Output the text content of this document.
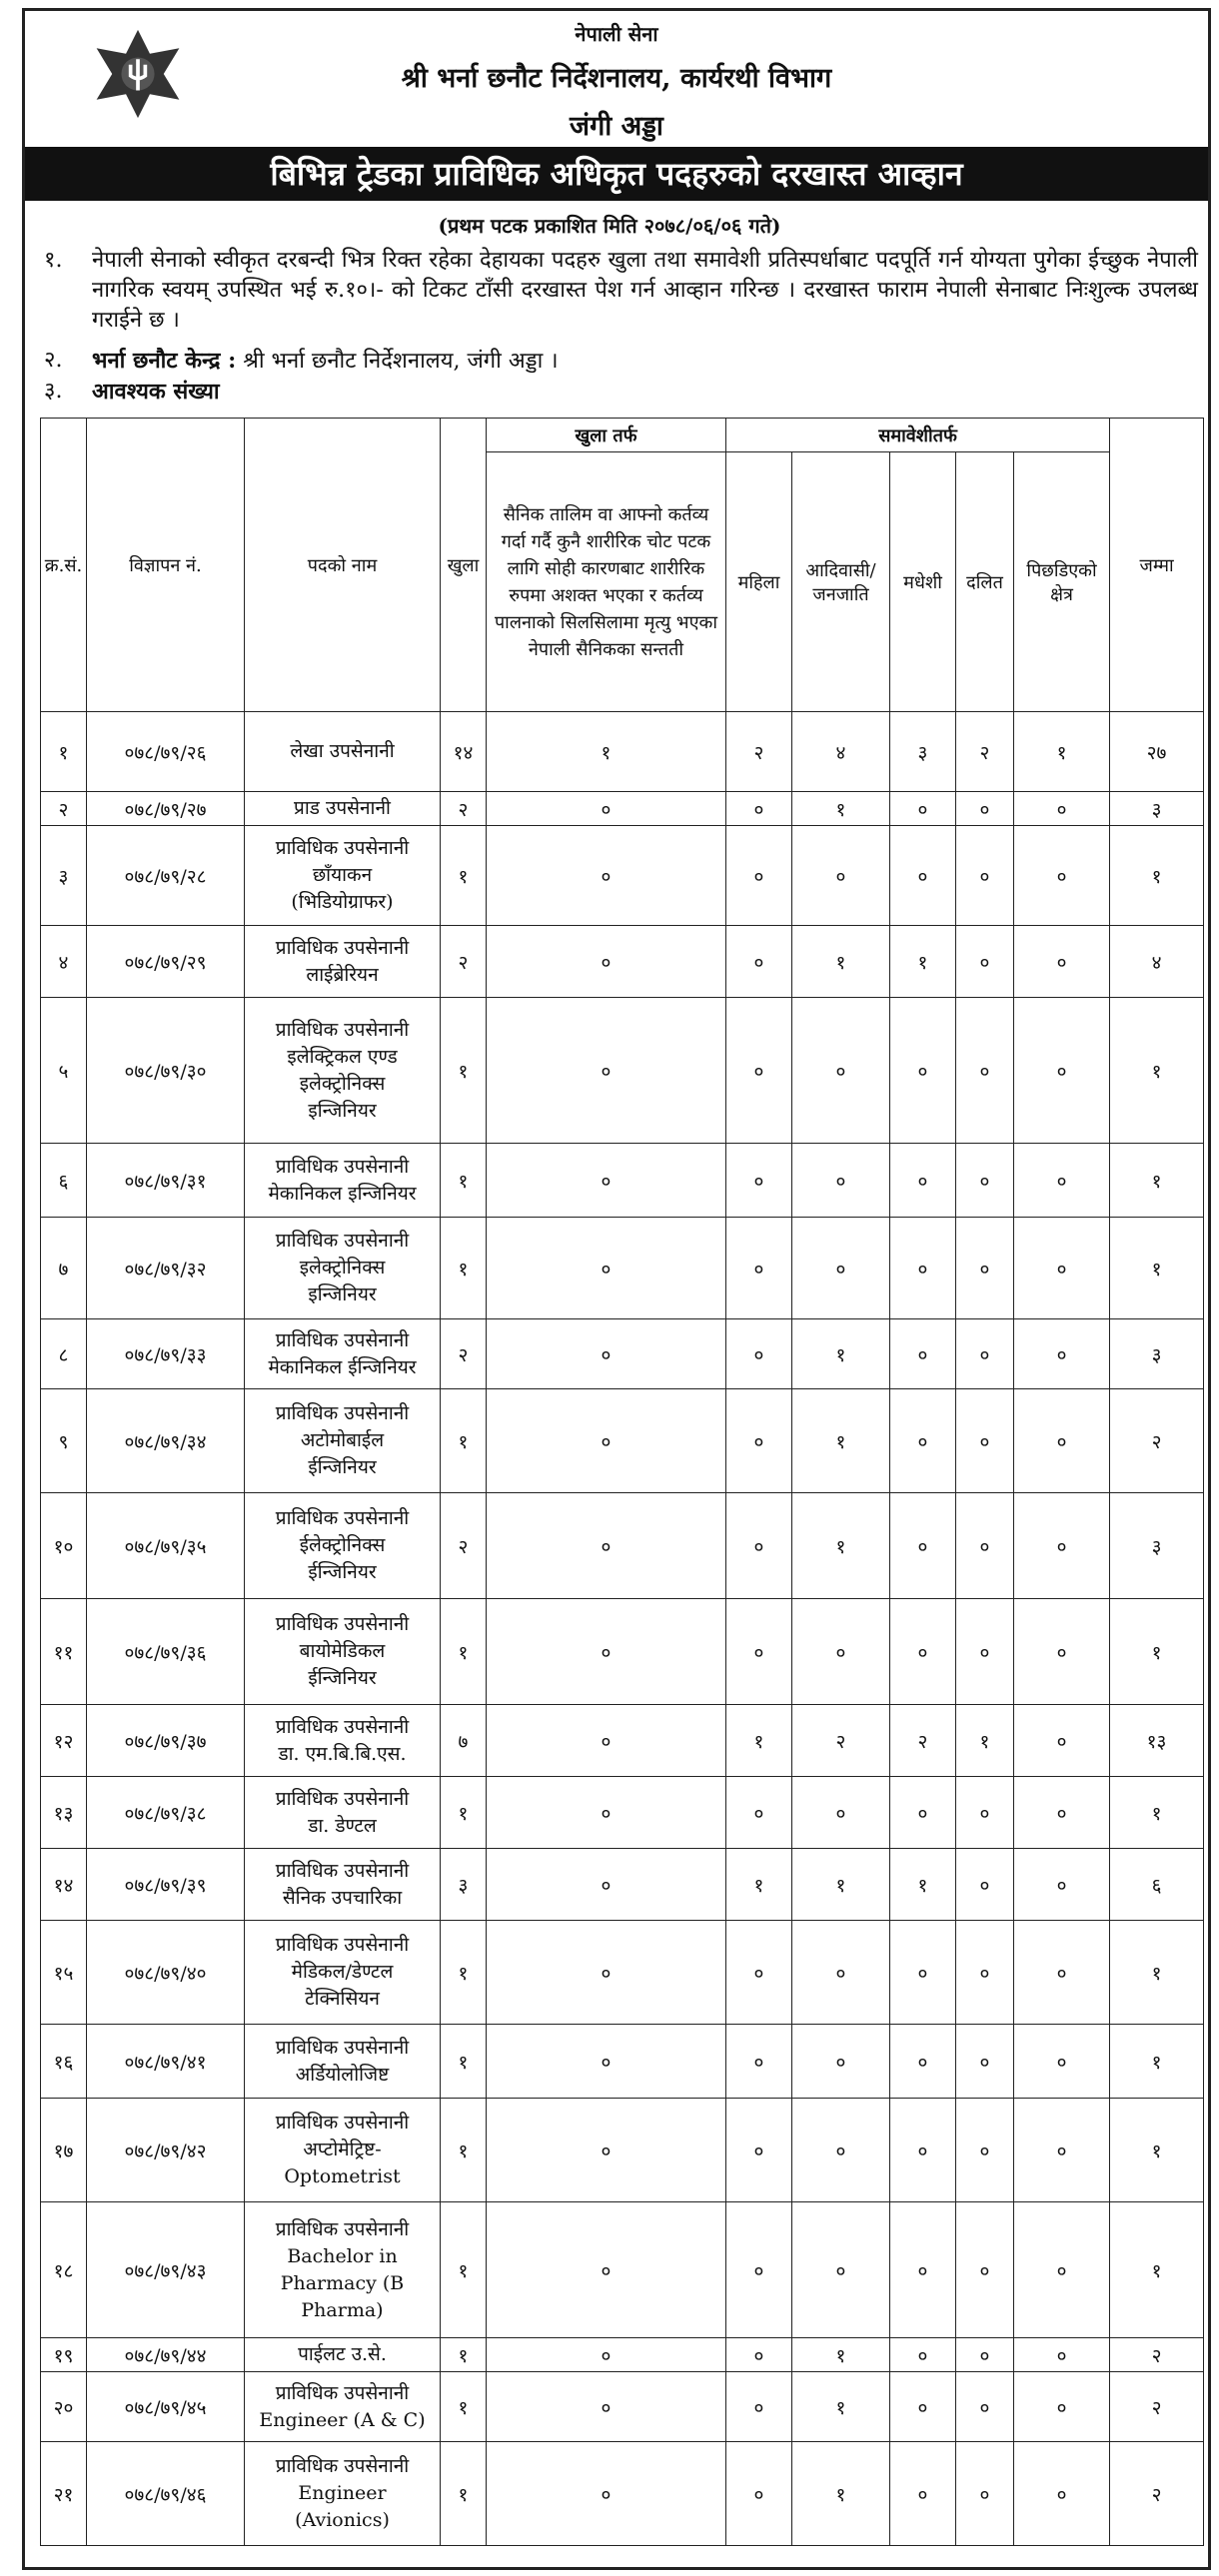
नेपाली सेना
श्री भर्ना छनौट निर्देशनालय, कार्यरथी विभाग
जंगी अड्डा
बिभिन्न ट्रेडका प्राविधिक अधिकृत पदहरुको दरखास्त आव्हान
(प्रथम पटक प्रकाशित मिति २०७८/०६/०६ गते)
१. नेपाली सेनाको स्वीकृत दरबन्दी भित्र रिक्त रहेका देहायका पदहरु खुला तथा समावेशी प्रतिस्पर्धाबाट पदपूर्ति गर्न योग्यता पुगेका ईच्छुक नेपाली नागरिक स्वयम् उपस्थित भई रु.१०।- को टिकट टाँसी दरखास्त पेश गर्न आव्हान गरिन्छ । दरखास्त फाराम नेपाली सेनाबाट निःशुल्क उपलब्ध गराईने छ ।
२. भर्ना छनौट केन्द्र : श्री भर्ना छनौट निर्देशनालय, जंगी अड्डा ।
३. आवश्यक संख्या
क्र.सं.	विज्ञापन नं.	पदको नाम	खुला	खुला तर्फ	समावेशीतर्फ					जम्मा
				सैनिक तालिम वा आफ्नो कर्तव्य गर्दा गर्दै कुनै शारीरिक चोट पटक लागि सोही कारणबाट शारीरिक रुपमा अशक्त भएका र कर्तव्य पालनाको सिलसिलामा मृत्यु भएका नेपाली सैनिकका सन्तती	महिला	आदिवासी/ जनजाति	मधेशी	दलित	पिछडिएको क्षेत्र	
१	०७८/७९/२६	लेखा उपसेनानी	१४	१	२	४	३	२	१	२७
२	०७८/७९/२७	प्राड उपसेनानी	२	०	०	१	०	०	०	३
३	०७८/७९/२८	प्राविधिक उपसेनानी
छाँयाकन
(भिडियोग्राफर)	१	०	०	०	०	०	०	१
४	०७८/७९/२९	प्राविधिक उपसेनानी
लाईब्रेरियन	२	०	०	१	१	०	०	४
५	०७८/७९/३०	प्राविधिक उपसेनानी
इलेक्ट्रिकल एण्ड
इलेक्ट्रोनिक्स
इन्जिनियर	१	०	०	०	०	०	०	१
६	०७८/७९/३१	प्राविधिक उपसेनानी
मेकानिकल इन्जिनियर	१	०	०	०	०	०	०	१
७	०७८/७९/३२	प्राविधिक उपसेनानी
इलेक्ट्रोनिक्स
इन्जिनियर	१	०	०	०	०	०	०	१
८	०७८/७९/३३	प्राविधिक उपसेनानी
मेकानिकल ईन्जिनियर	२	०	०	१	०	०	०	३
९	०७८/७९/३४	प्राविधिक उपसेनानी
अटोमोबाईल
ईन्जिनियर	१	०	०	१	०	०	०	२
१०	०७८/७९/३५	प्राविधिक उपसेनानी
ईलेक्ट्रोनिक्स
ईन्जिनियर	२	०	०	१	०	०	०	३
११	०७८/७९/३६	प्राविधिक उपसेनानी
बायोमेडिकल
ईन्जिनियर	१	०	०	०	०	०	०	१
१२	०७८/७९/३७	प्राविधिक उपसेनानी
डा. एम.बि.बि.एस.	७	०	१	२	२	१	०	१३
१३	०७८/७९/३८	प्राविधिक उपसेनानी
डा. डेण्टल	१	०	०	०	०	०	०	१
१४	०७८/७९/३९	प्राविधिक उपसेनानी
सैनिक उपचारिका	३	०	१	१	१	०	०	६
१५	०७८/७९/४०	प्राविधिक उपसेनानी
मेडिकल/डेण्टल
टेक्निसियन	१	०	०	०	०	०	०	१
१६	०७८/७९/४१	प्राविधिक उपसेनानी
अर्डियोलोजिष्ट	१	०	०	०	०	०	०	१
१७	०७८/७९/४२	प्राविधिक उपसेनानी
अप्टोमेट्रिष्ट-
Optometrist	१	०	०	०	०	०	०	१
१८	०७८/७९/४३	प्राविधिक उपसेनानी
Bachelor in
Pharmacy (B
Pharma)	१	०	०	०	०	०	०	१
१९	०७८/७९/४४	पाईलट उ.से.	१	०	०	१	०	०	०	२
२०	०७८/७९/४५	प्राविधिक उपसेनानी
Engineer (A & C)	१	०	०	१	०	०	०	२
२१	०७८/७९/४६	प्राविधिक उपसेनानी
Engineer
(Avionics)	१	०	०	१	०	०	०	२
